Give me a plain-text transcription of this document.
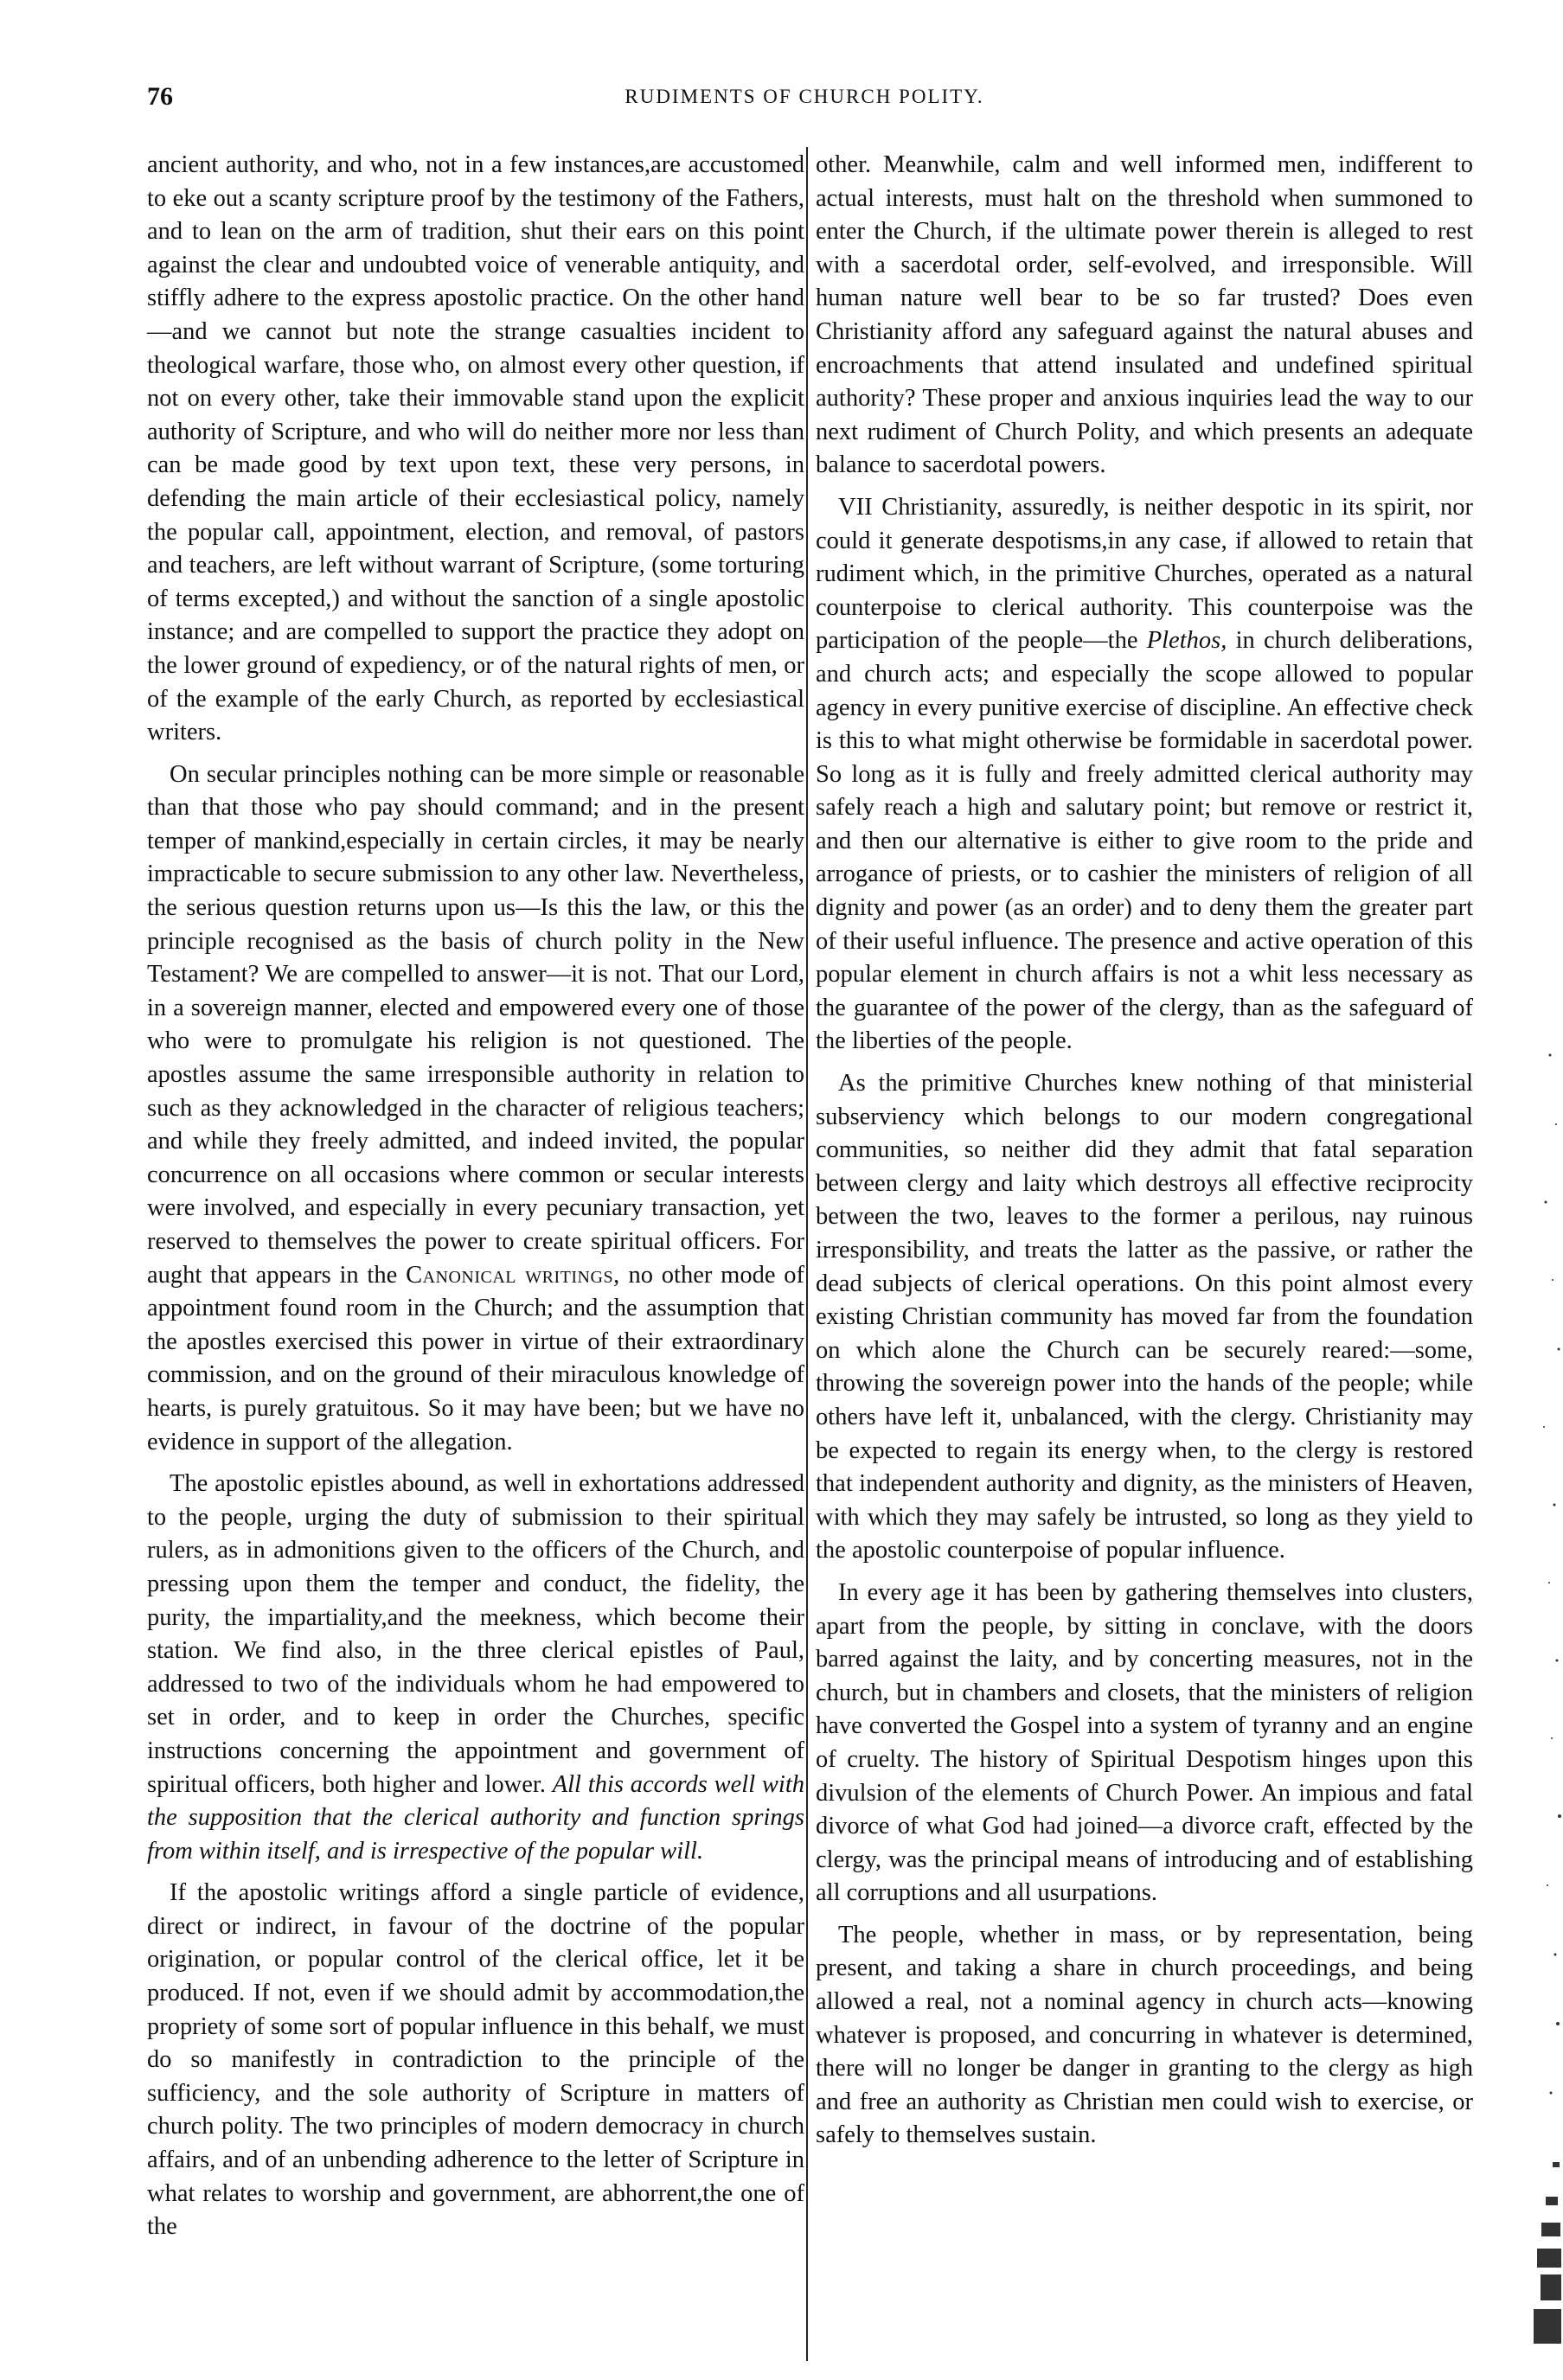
76	RUDIMENTS OF CHURCH POLITY.

ancient authority, and who, not in a few instances,are accustomed to eke out a scanty scripture proof by the testimony of the Fathers, and to lean on the arm of tradition, shut their ears on this point against the clear and undoubted voice of venerable antiquity, and stiffly adhere to the express apostolic practice. On the other hand—and we cannot but note the strange casualties incident to theological warfare, those who, on almost every other question, if not on every other, take their immovable stand upon the explicit authority of Scripture, and who will do neither more nor less than can be made good by text upon text, these very persons, in defending the main article of their ecclesiastical policy, namely the popular call, appointment, election, and removal, of pastors and teachers, are left without warrant of Scripture, (some torturing of terms excepted,) and without the sanction of a single apostolic instance; and are compelled to support the practice they adopt on the lower ground of expediency, or of the natural rights of men, or of the example of the early Church, as reported by ecclesiastical writers.

On secular principles nothing can be more simple or reasonable than that those who pay should command; and in the present temper of mankind,especially in certain circles, it may be nearly impracticable to secure submission to any other law. Nevertheless, the serious question returns upon us—Is this the law, or this the principle recognised as the basis of church polity in the New Testament? We are compelled to answer—it is not. That our Lord, in a sovereign manner, elected and empowered every one of those who were to promulgate his religion is not questioned. The apostles assume the same irresponsible authority in relation to such as they acknowledged in the character of religious teachers; and while they freely admitted, and indeed invited, the popular concurrence on all occasions where common or secular interests were involved, and especially in every pecuniary transaction, yet reserved to themselves the power to create spiritual officers. For aught that appears in the Canonical writings, no other mode of appointment found room in the Church; and the assumption that the apostles exercised this power in virtue of their extraordinary commission, and on the ground of their miraculous knowledge of hearts, is purely gratuitous. So it may have been; but we have no evidence in support of the allegation.

The apostolic epistles abound, as well in exhortations addressed to the people, urging the duty of submission to their spiritual rulers, as in admonitions given to the officers of the Church, and pressing upon them the temper and conduct, the fidelity, the purity, the impartiality,and the meekness, which become their station. We find also, in the three clerical epistles of Paul, addressed to two of the individuals whom he had empowered to set in order, and to keep in order the Churches, specific instructions concerning the appointment and government of spiritual officers, both higher and lower. All this accords well with the supposition that the clerical authority and function springs from within itself, and is irrespective of the popular will.

If the apostolic writings afford a single particle of evidence, direct or indirect, in favour of the doctrine of the popular origination, or popular control of the clerical office, let it be produced. If not, even if we should admit by accommodation,the propriety of some sort of popular influence in this behalf, we must do so manifestly in contradiction to the principle of the sufficiency, and the sole authority of Scripture in matters of church polity. The two principles of modern democracy in church affairs, and of an unbending adherence to the letter of Scripture in what relates to worship and government, are abhorrent,the one of the

other. Meanwhile, calm and well informed men, indifferent to actual interests, must halt on the threshold when summoned to enter the Church, if the ultimate power therein is alleged to rest with a sacerdotal order, self-evolved, and irresponsible. Will human nature well bear to be so far trusted? Does even Christianity afford any safeguard against the natural abuses and encroachments that attend insulated and undefined spiritual authority? These proper and anxious inquiries lead the way to our next rudiment of Church Polity, and which presents an adequate balance to sacerdotal powers.

VII Christianity, assuredly, is neither despotic in its spirit, nor could it generate despotisms,in any case, if allowed to retain that rudiment which, in the primitive Churches, operated as a natural counterpoise to clerical authority. This counterpoise was the participation of the people—the Plethos, in church deliberations, and church acts; and especially the scope allowed to popular agency in every punitive exercise of discipline. An effective check is this to what might otherwise be formidable in sacerdotal power. So long as it is fully and freely admitted clerical authority may safely reach a high and salutary point; but remove or restrict it, and then our alternative is either to give room to the pride and arrogance of priests, or to cashier the ministers of religion of all dignity and power (as an order) and to deny them the greater part of their useful influence. The presence and active operation of this popular element in church affairs is not a whit less necessary as the guarantee of the power of the clergy, than as the safeguard of the liberties of the people.

As the primitive Churches knew nothing of that ministerial subserviency which belongs to our modern congregational communities, so neither did they admit that fatal separation between clergy and laity which destroys all effective reciprocity between the two, leaves to the former a perilous, nay ruinous irresponsibility, and treats the latter as the passive, or rather the dead subjects of clerical operations. On this point almost every existing Christian community has moved far from the foundation on which alone the Church can be securely reared:—some, throwing the sovereign power into the hands of the people; while others have left it, unbalanced, with the clergy. Christianity may be expected to regain its energy when, to the clergy is restored that independent authority and dignity, as the ministers of Heaven, with which they may safely be intrusted, so long as they yield to the apostolic counterpoise of popular influence.

In every age it has been by gathering themselves into clusters, apart from the people, by sitting in conclave, with the doors barred against the laity, and by concerting measures, not in the church, but in chambers and closets, that the ministers of religion have converted the Gospel into a system of tyranny and an engine of cruelty. The history of Spiritual Despotism hinges upon this divulsion of the elements of Church Power. An impious and fatal divorce of what God had joined—a divorce craft, effected by the clergy, was the principal means of introducing and of establishing all corruptions and all usurpations.

The people, whether in mass, or by representation, being present, and taking a share in church proceedings, and being allowed a real, not a nominal agency in church acts—knowing whatever is proposed, and concurring in whatever is determined, there will no longer be danger in granting to the clergy as high and free an authority as Christian men could wish to exercise, or safely to themselves sustain.
